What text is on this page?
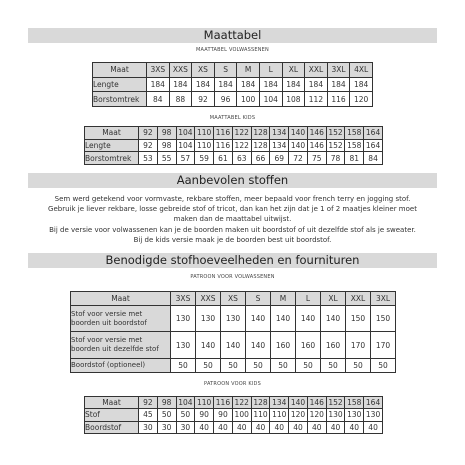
Maattabel
MAATTABEL VOLWASSENEN
Maat	3XS	XXS	XS	S	M	L	XL	XXL	3XL	4XL
Lengte	184	184	184	184	184	184	184	184	184	184
Borstomtrek	84	88	92	96	100	104	108	112	116	120
MAATTABEL KIDS
Maat	92	98	104	110	116	122	128	134	140	146	152	158	164
Lengte	92	98	104	110	116	122	128	134	140	146	152	158	164
Borstomtrek	53	55	57	59	61	63	66	69	72	75	78	81	84
Aanbevolen stoffen
Sem werd getekend voor vormvaste, rekbare stoffen, meer bepaald voor french terry en jogging stof.
Gebruik je liever rekbare, losse gebreide stof of tricot, dan kan het zijn dat je 1 of 2 maatjes kleiner moet
maken dan de maattabel uitwijst.
Bij de versie voor volwassenen kan je de boorden maken uit boordstof of uit dezelfde stof als je sweater.
Bij de kids versie maak je de boorden best uit boordstof.
Benodigde stofhoeveelheden en fournituren
PATROON VOOR VOLWASSENEN
Maat	3XS	XXS	XS	S	M	L	XL	XXL	3XL
Stof voor versie met boorden uit boordstof	130	130	130	140	140	140	140	150	150
Stof voor versie met boorden uit dezelfde stof	130	140	140	140	160	160	160	170	170
Boordstof (optioneel)	50	50	50	50	50	50	50	50	50
PATROON VOOR KIDS
Maat	92	98	104	110	116	122	128	134	140	146	152	158	164
Stof	45	50	50	90	90	100	110	110	120	120	130	130	130
Boordstof	30	30	30	40	40	40	40	40	40	40	40	40	40
